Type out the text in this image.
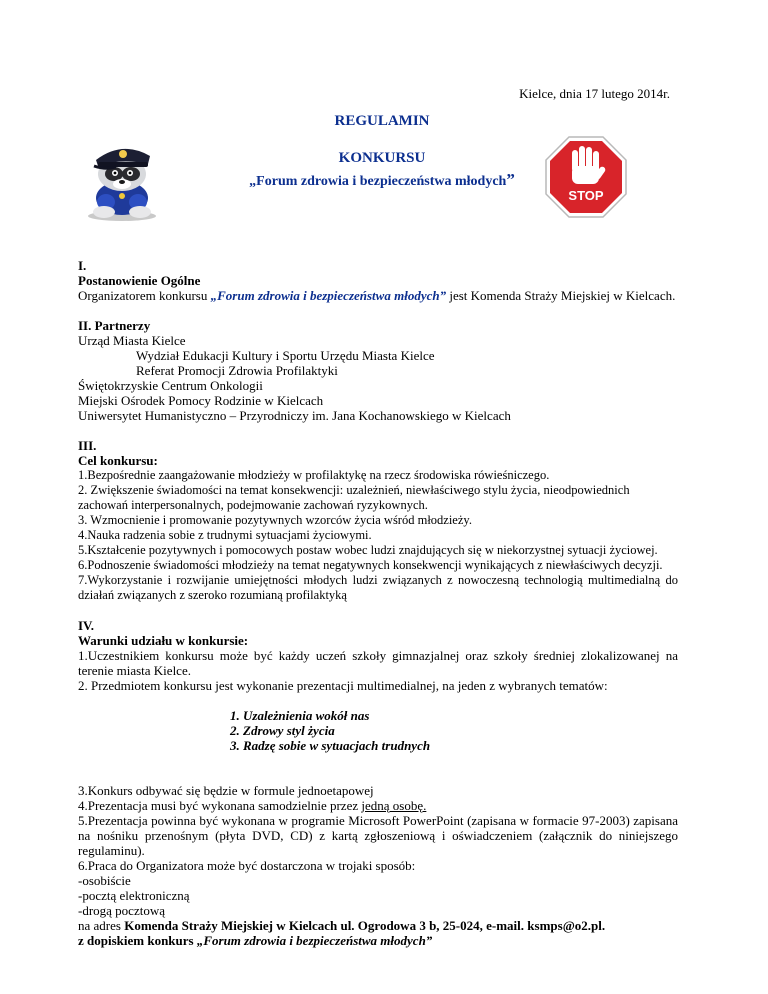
Kielce, dnia 17 lutego 2014r.
REGULAMIN
KONKURSU
„Forum zdrowia i bezpieczeństwa młodych”
STOP

I.

Postanowienie Ogólne

Organizatorem konkursu „Forum zdrowia i bezpieczeństwa młodych” jest Komenda Straży Miejskiej w Kielcach.

II. Partnerzy

Urząd Miasta Kielce

Wydział Edukacji Kultury i Sportu Urzędu Miasta Kielce

Referat Promocji Zdrowia Profilaktyki

Świętokrzyskie Centrum Onkologii

Miejski Ośrodek Pomocy Rodzinie w Kielcach

Uniwersytet Humanistyczno – Przyrodniczy im. Jana Kochanowskiego w Kielcach

III.

Cel konkursu:

1.Bezpośrednie zaangażowanie młodzieży w profilaktykę na rzecz środowiska rówieśniczego.

2. Zwiększenie świadomości na temat konsekwencji: uzależnień, niewłaściwego stylu życia, nieodpowiednich zachowań interpersonalnych, podejmowanie zachowań ryzykownych.

3. Wzmocnienie i promowanie pozytywnych wzorców życia wśród młodzieży.

4.Nauka radzenia sobie z trudnymi sytuacjami życiowymi.

5.Kształcenie pozytywnych i pomocowych postaw wobec ludzi znajdujących się w niekorzystnej sytuacji życiowej.

6.Podnoszenie świadomości młodzieży na temat negatywnych konsekwencji wynikających z niewłaściwych decyzji.

7.Wykorzystanie i rozwijanie umiejętności młodych ludzi związanych z nowoczesną technologią multimedialną do działań związanych z szeroko rozumianą profilaktyką

IV.

Warunki udziału w konkursie:

1.Uczestnikiem konkursu może być każdy uczeń szkoły gimnazjalnej oraz szkoły średniej zlokalizowanej na terenie miasta Kielce.

2. Przedmiotem konkursu jest wykonanie prezentacji multimedialnej, na jeden z wybranych tematów:

1. Uzależnienia wokół nas

2. Zdrowy styl życia

3. Radzę sobie w sytuacjach trudnych

3.Konkurs odbywać się będzie w formule jednoetapowej

4.Prezentacja musi być wykonana samodzielnie przez jedną osobę.

5.Prezentacja powinna być wykonana w programie Microsoft PowerPoint (zapisana w formacie 97-2003) zapisana na nośniku przenośnym (płyta DVD, CD) z kartą zgłoszeniową i oświadczeniem (załącznik do niniejszego regulaminu).

6.Praca do Organizatora może być dostarczona w trojaki sposób:

-osobiście

-pocztą elektroniczną

-drogą pocztową

na adres Komenda Straży Miejskiej w Kielcach ul. Ogrodowa 3 b, 25-024, e-mail. ksmps@o2.pl.

z dopiskiem konkurs „Forum zdrowia i bezpieczeństwa młodych”
